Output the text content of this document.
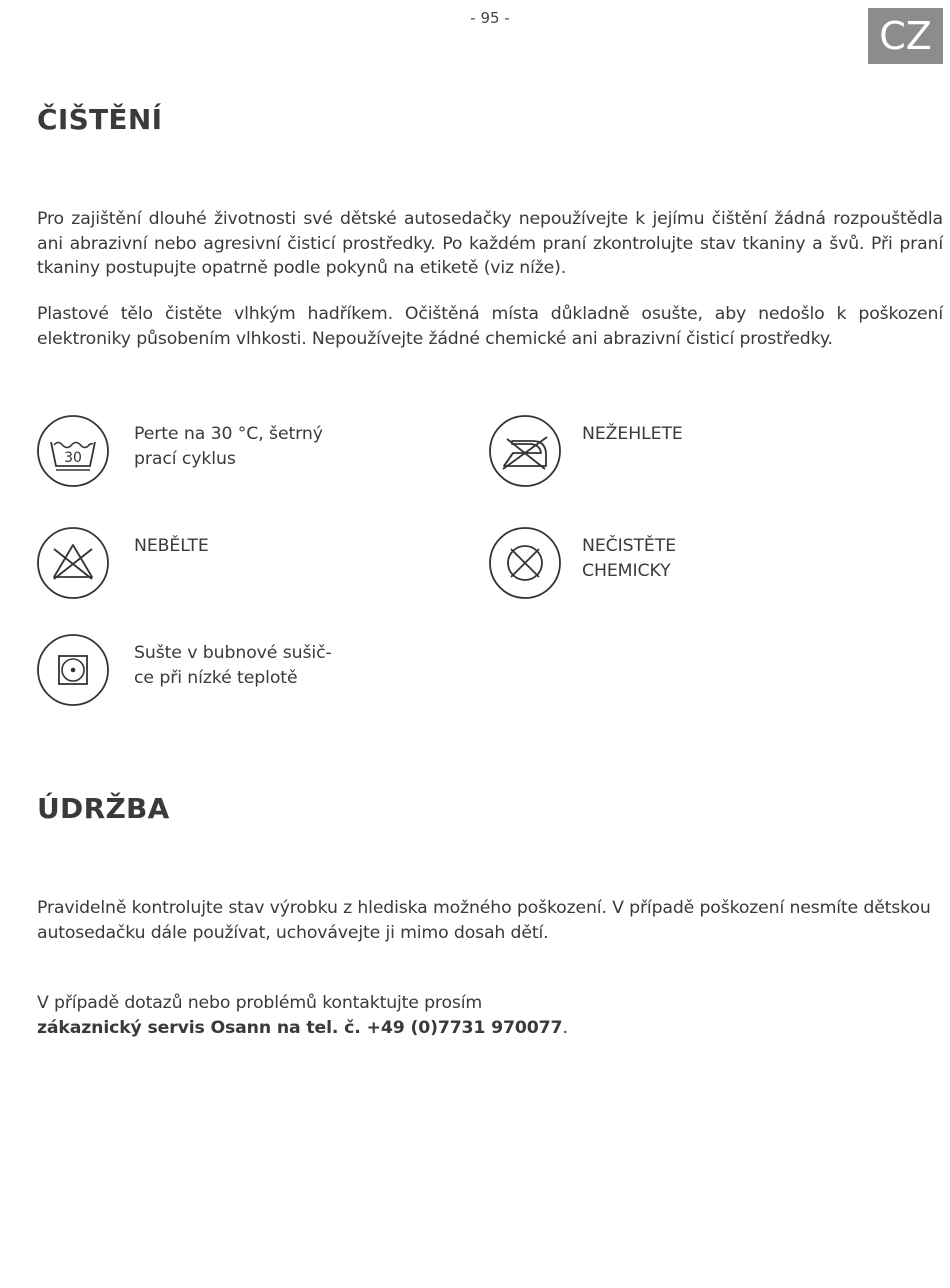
- 95 -	CZ
ČIŠTĚNÍ

Pro zajištění dlouhé životnosti své dětské autosedačky nepoužívejte k jejímu čištění žádná rozpouštědla ani abrazivní nebo agresivní čisticí prostředky. Po každém praní zkontrolujte stav tkaniny a švů. Při praní tkaniny postupujte opatrně podle pokynů na etiketě (viz níže).

Plastové tělo čistěte vlhkým hadříkem. Očištěná místa důkladně osušte, aby nedošlo k poškození elektroniky působením vlhkosti. Nepoužívejte žádné chemické ani abrazivní čisticí prostředky.

30
Perte na 30 °C, šetrný
prací cyklus
NEŽEHLETE
NEBĚLTE	NEČISTĚTE
CHEMICKY
Sušte v bubnové sušič-
ce při nízké teplotě
ÚDRŽBA

Pravidelně kontrolujte stav výrobku z hlediska možného poškození. V případě poškození nesmíte dětskou autosedačku dále používat, uchovávejte ji mimo dosah dětí.

V případě dotazů nebo problémů kontaktujte prosím
zákaznický servis Osann na tel. č. +49 (0)7731 970077.
